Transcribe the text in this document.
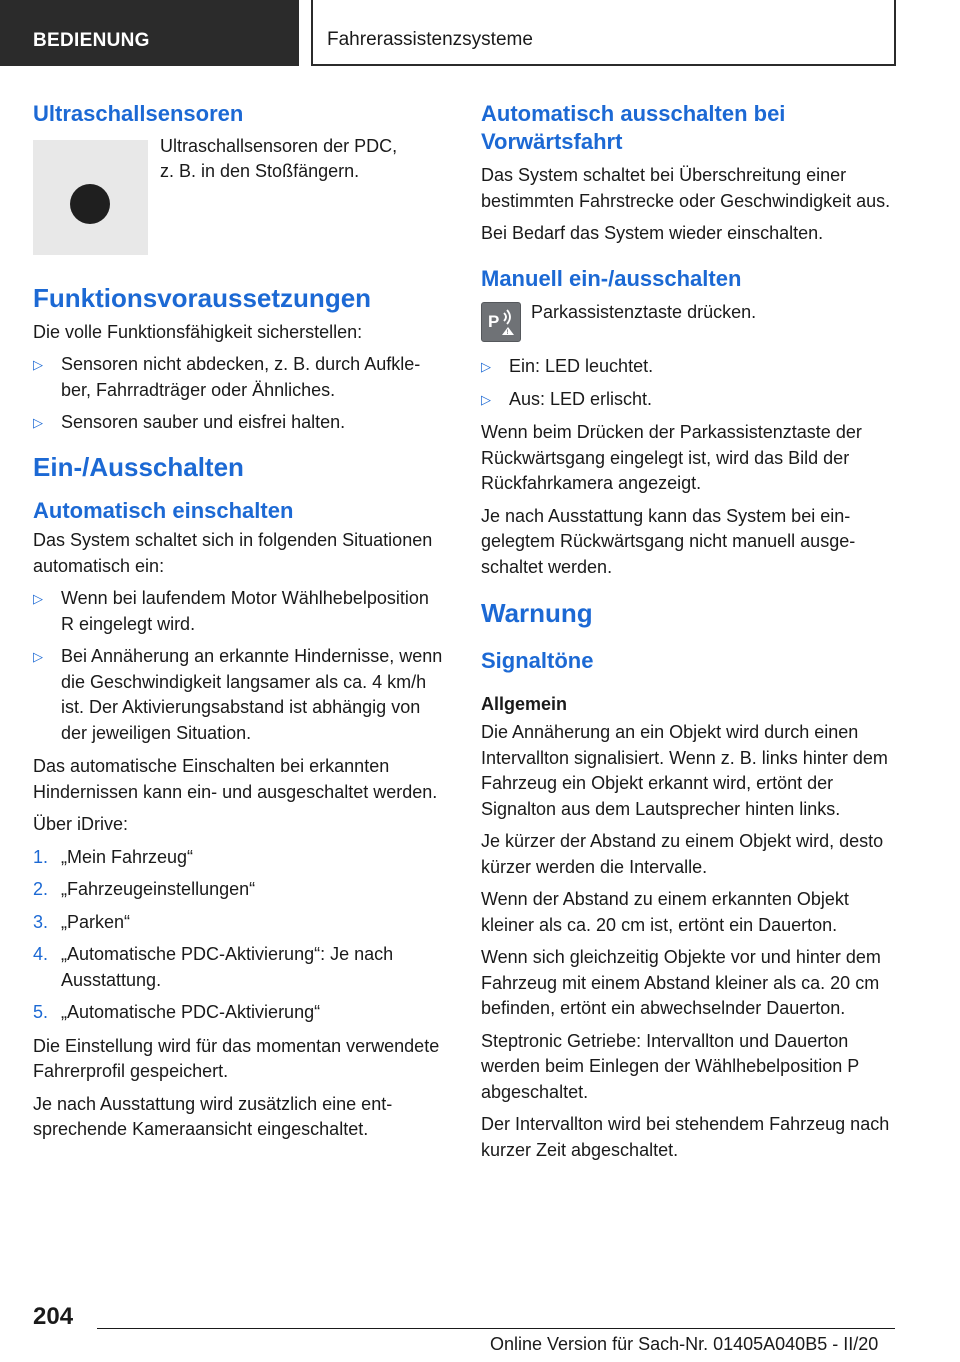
BEDIENUNG	Fahrerassistenzsysteme
Ultraschallsensoren

Ultraschallsensoren der PDC,

z. B. in den Stoßfängern.

Funktionsvoraussetzungen

Die volle Funktionsfähigkeit sicherstellen:

▷ Sensoren nicht abdecken, z. B. durch Aufkleber, Fahrradträger oder Ähnliches.
▷ Sensoren sauber und eisfrei halten.
Ein-/Ausschalten
Automatisch einschalten

Das System schaltet sich in folgenden Situationen automatisch ein:

▷ Wenn bei laufendem Motor Wählhebelposition R eingelegt wird.
▷ Bei Annäherung an erkannte Hindernisse, wenn die Geschwindigkeit langsamer als ca. 4 km/h ist. Der Aktivierungsabstand ist abhängig von der jeweiligen Situation.

Das automatische Einschalten bei erkannten Hindernissen kann ein- und ausgeschaltet werden.

Über iDrive:

1. „Mein Fahrzeug“
2. „Fahrzeugeinstellungen“
3. „Parken“
4. „Automatische PDC-Aktivierung“: Je nach Ausstattung.
5. „Automatische PDC-Aktivierung“

Die Einstellung wird für das momentan verwendete Fahrerprofil gespeichert.

Je nach Ausstattung wird zusätzlich eine entsprechende Kameraansicht eingeschaltet.

Automatisch ausschalten bei Vorwärtsfahrt

Das System schaltet bei Überschreitung einer bestimmten Fahrstrecke oder Geschwindigkeit aus.

Bei Bedarf das System wieder einschalten.

Manuell ein-/ausschalten
P
!

Parkassistenztaste drücken.

▷ Ein: LED leuchtet.
▷ Aus: LED erlischt.

Wenn beim Drücken der Parkassistenztaste der Rückwärtsgang eingelegt ist, wird das Bild der Rückfahrkamera angezeigt.

Je nach Ausstattung kann das System bei eingelegtem Rückwärtsgang nicht manuell ausgeschaltet werden.

Warnung
Signaltöne
Allgemein

Die Annäherung an ein Objekt wird durch einen Intervallton signalisiert. Wenn z. B. links hinter dem Fahrzeug ein Objekt erkannt wird, ertönt der Signalton aus dem Lautsprecher hinten links.

Je kürzer der Abstand zu einem Objekt wird, desto kürzer werden die Intervalle.

Wenn der Abstand zu einem erkannten Objekt kleiner als ca. 20 cm ist, ertönt ein Dauerton.

Wenn sich gleichzeitig Objekte vor und hinter dem Fahrzeug mit einem Abstand kleiner als ca. 20 cm befinden, ertönt ein abwechselnder Dauerton.

Steptronic Getriebe: Intervallton und Dauerton werden beim Einlegen der Wählhebelposition P abgeschaltet.

Der Intervallton wird bei stehendem Fahrzeug nach kurzer Zeit abgeschaltet.

204
Online Version für Sach-Nr. 01405A040B5 - II/20
